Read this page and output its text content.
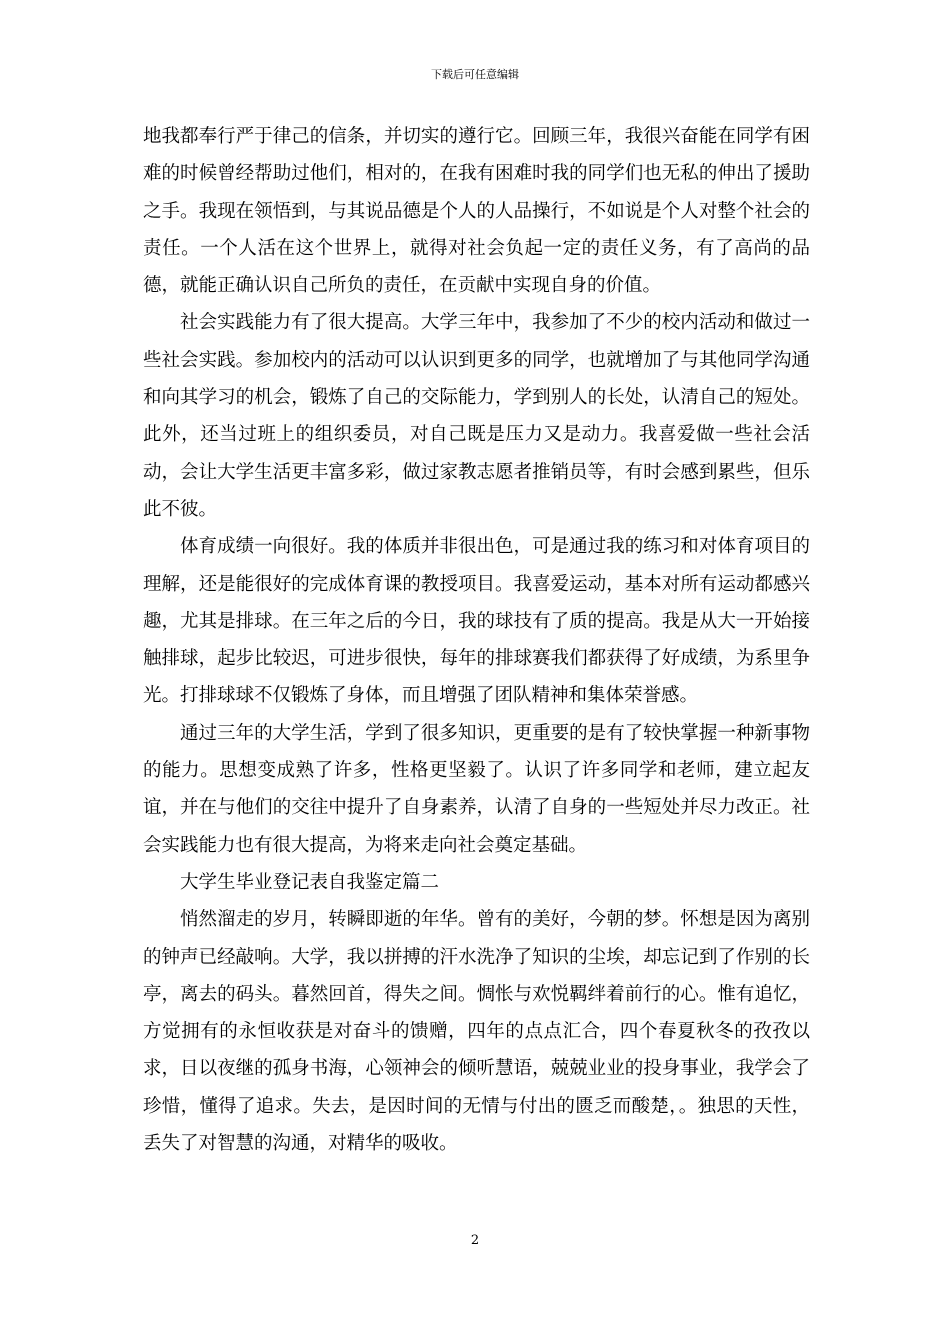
下载后可任意编辑

地我都奉行严于律己的信条，并切实的遵行它。回顾三年，我很兴奋能在同学有困难的时候曾经帮助过他们，相对的，在我有困难时我的同学们也无私的伸出了援助之手。我现在领悟到，与其说品德是个人的人品操行，不如说是个人对整个社会的责任。一个人活在这个世界上，就得对社会负起一定的责任义务，有了高尚的品德，就能正确认识自己所负的责任，在贡献中实现自身的价值。

社会实践能力有了很大提高。大学三年中，我参加了不少的校内活动和做过一些社会实践。参加校内的活动可以认识到更多的同学，也就增加了与其他同学沟通和向其学习的机会，锻炼了自己的交际能力，学到别人的长处，认清自己的短处。此外，还当过班上的组织委员，对自己既是压力又是动力。我喜爱做一些社会活动，会让大学生活更丰富多彩，做过家教志愿者推销员等，有时会感到累些，但乐此不彼。

体育成绩一向很好。我的体质并非很出色，可是通过我的练习和对体育项目的理解，还是能很好的完成体育课的教授项目。我喜爱运动，基本对所有运动都感兴趣，尤其是排球。在三年之后的今日，我的球技有了质的提高。我是从大一开始接触排球，起步比较迟，可进步很快，每年的排球赛我们都获得了好成绩，为系里争光。打排球球不仅锻炼了身体，而且增强了团队精神和集体荣誉感。

通过三年的大学生活，学到了很多知识，更重要的是有了较快掌握一种新事物的能力。思想变成熟了许多，性格更坚毅了。认识了许多同学和老师，建立起友谊，并在与他们的交往中提升了自身素养，认清了自身的一些短处并尽力改正。社会实践能力也有很大提高，为将来走向社会奠定基础。

大学生毕业登记表自我鉴定篇二

悄然溜走的岁月，转瞬即逝的年华。曾有的美好，今朝的梦。怀想是因为离别的钟声已经敲响。大学，我以拼搏的汗水洗净了知识的尘埃，却忘记到了作别的长亭，离去的码头。暮然回首，得失之间。惆怅与欢悦羁绊着前行的心。惟有追忆，方觉拥有的永恒收获是对奋斗的馈赠，四年的点点汇合，四个春夏秋冬的孜孜以求，日以夜继的孤身书海，心领神会的倾听慧语，兢兢业业的投身事业，我学会了珍惜，懂得了追求。失去，是因时间的无情与付出的匮乏而酸楚，。独思的天性，丢失了对智慧的沟通，对精华的吸收。

2
